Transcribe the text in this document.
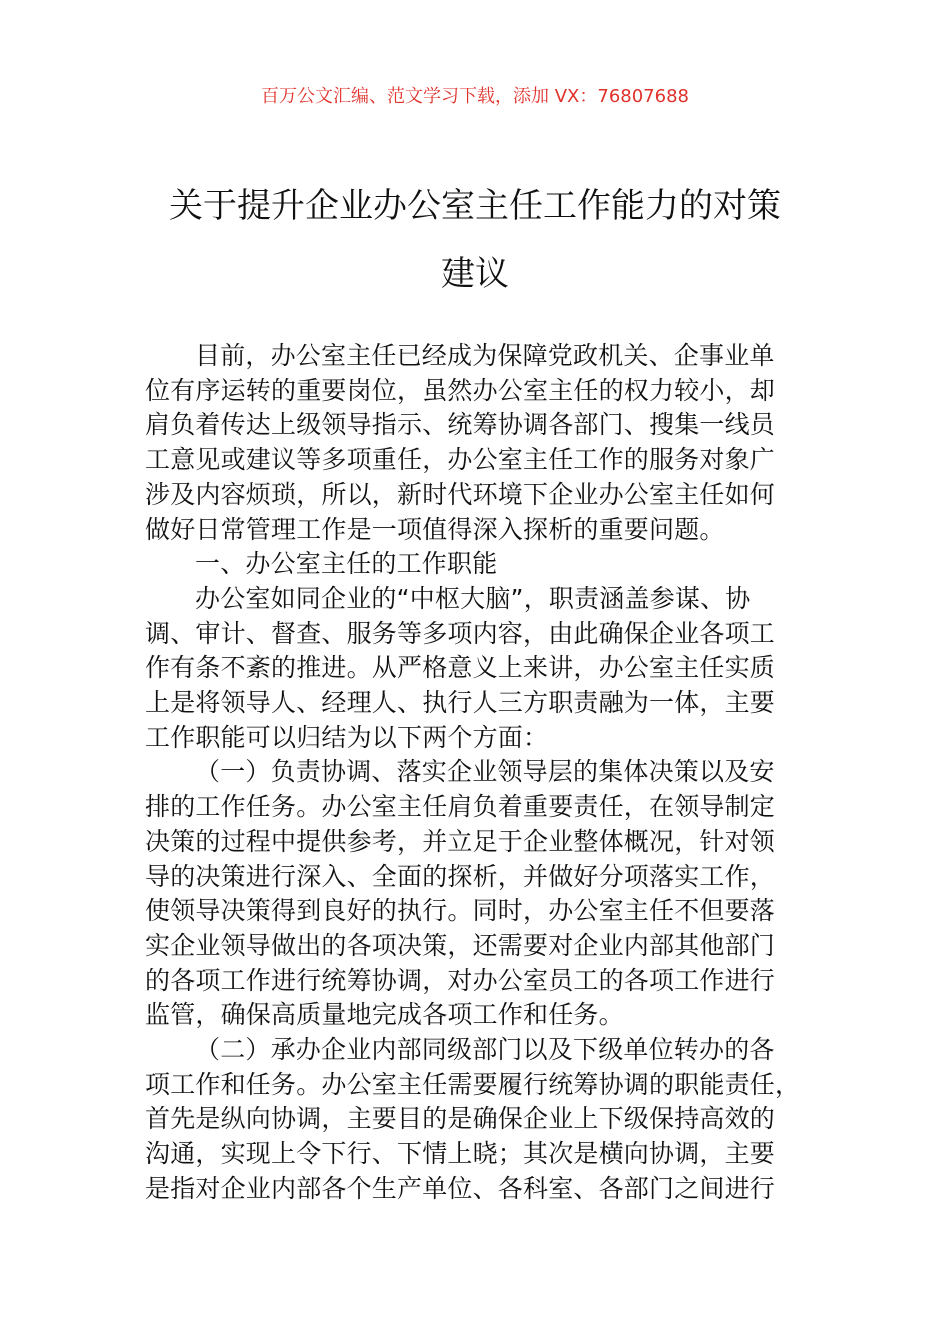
百万公文汇编、范文学习下载，添加 VX：76807688
关于提升企业办公室主任工作能力的对策
建议
目前，办公室主任已经成为保障党政机关、企事业单
位有序运转的重要岗位，虽然办公室主任的权力较小，却
肩负着传达上级领导指示、统筹协调各部门、搜集一线员
工意见或建议等多项重任，办公室主任工作的服务对象广
涉及内容烦琐，所以，新时代环境下企业办公室主任如何
做好日常管理工作是一项值得深入探析的重要问题。
一、办公室主任的工作职能
办公室如同企业的“中枢大脑”，职责涵盖参谋、协
调、审计、督查、服务等多项内容，由此确保企业各项工
作有条不紊的推进。从严格意义上来讲，办公室主任实质
上是将领导人、经理人、执行人三方职责融为一体，主要
工作职能可以归结为以下两个方面：
（一）负责协调、落实企业领导层的集体决策以及安
排的工作任务。办公室主任肩负着重要责任，在领导制定
决策的过程中提供参考，并立足于企业整体概况，针对领
导的决策进行深入、全面的探析，并做好分项落实工作，
使领导决策得到良好的执行。同时，办公室主任不但要落
实企业领导做出的各项决策，还需要对企业内部其他部门
的各项工作进行统筹协调，对办公室员工的各项工作进行
监管，确保高质量地完成各项工作和任务。
（二）承办企业内部同级部门以及下级单位转办的各
项工作和任务。办公室主任需要履行统筹协调的职能责任，
首先是纵向协调，主要目的是确保企业上下级保持高效的
沟通，实现上令下行、下情上晓；其次是横向协调，主要
是指对企业内部各个生产单位、各科室、各部门之间进行
